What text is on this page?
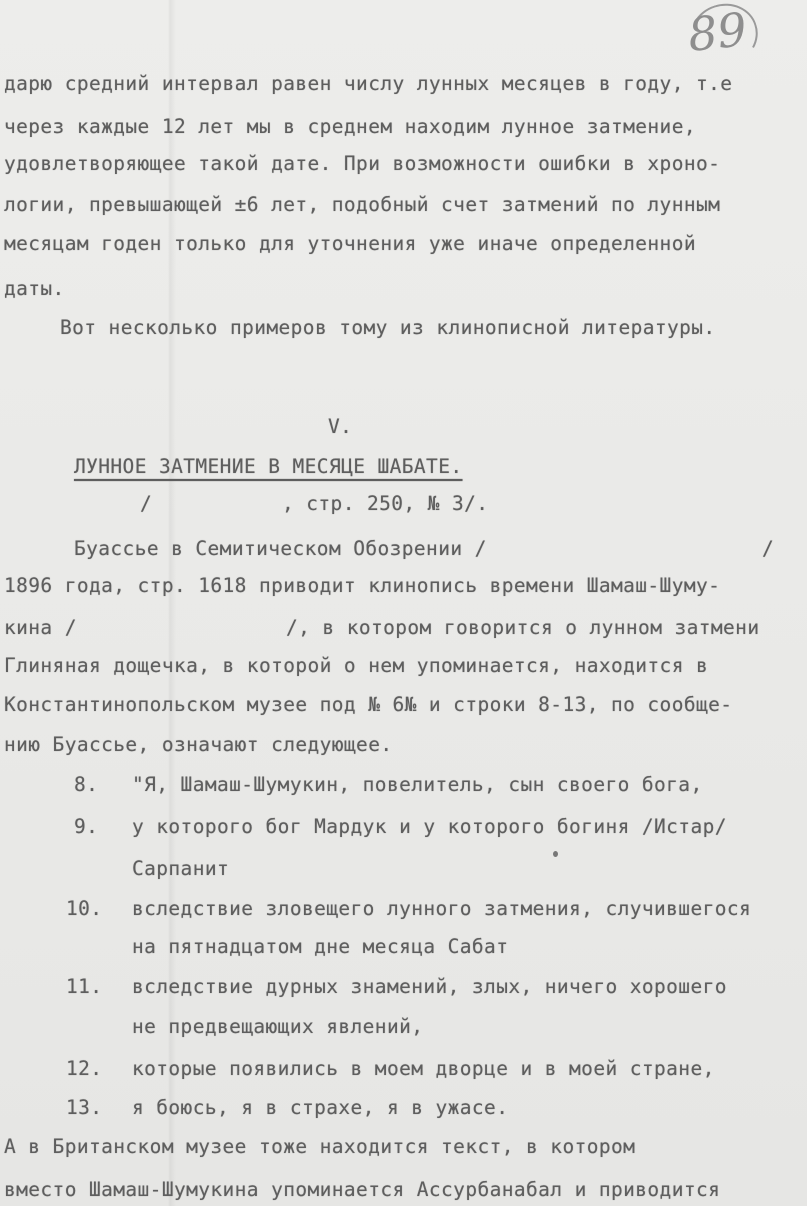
89
дарю средний интервал равен числу лунных месяцев в году, т.е
через каждые 12 лет мы в среднем находим лунное затмение,
удовлетворяющее такой дате. При возможности ошибки в хроно-
логии, превышающей ±6 лет, подобный счет затмений по лунным
месяцам годен только для уточнения уже иначе определенной
даты.
Вот несколько примеров тому из клинописной литературы.
V.
ЛУННОЕ ЗАТМЕНИЕ В МЕСЯЦЕ ШАБАТЕ.
/	, стр. 250, № 3/.
Буассье в Семитическом Обозрении /	/
1896 года, стр. 1618 приводит клинопись времени Шамаш-Шуму-
кина /	/, в котором говорится о лунном затмени
Глиняная дощечка, в которой о нем упоминается, находится в
Константинопольском музее под № 6№ и строки 8-13, по сообще-
нию Буассье, означают следующее.
8. "Я, Шамаш-Шумукин, повелитель, сын своего бога,
9. у которого бог Мардук и у которого богиня /Истар/
Сарпанит
10. вследствие зловещего лунного затмения, случившегося
на пятнадцатом дне месяца Сабат
11. вследствие дурных знамений, злых, ничего хорошего
не предвещающих явлений,
12. которые появились в моем дворце и в моей стране,
13. я боюсь, я в страхе, я в ужасе.
А в Британском музее тоже находится текст, в котором
вместо Шамаш-Шумукина упоминается Ассурбанабал и приводится
